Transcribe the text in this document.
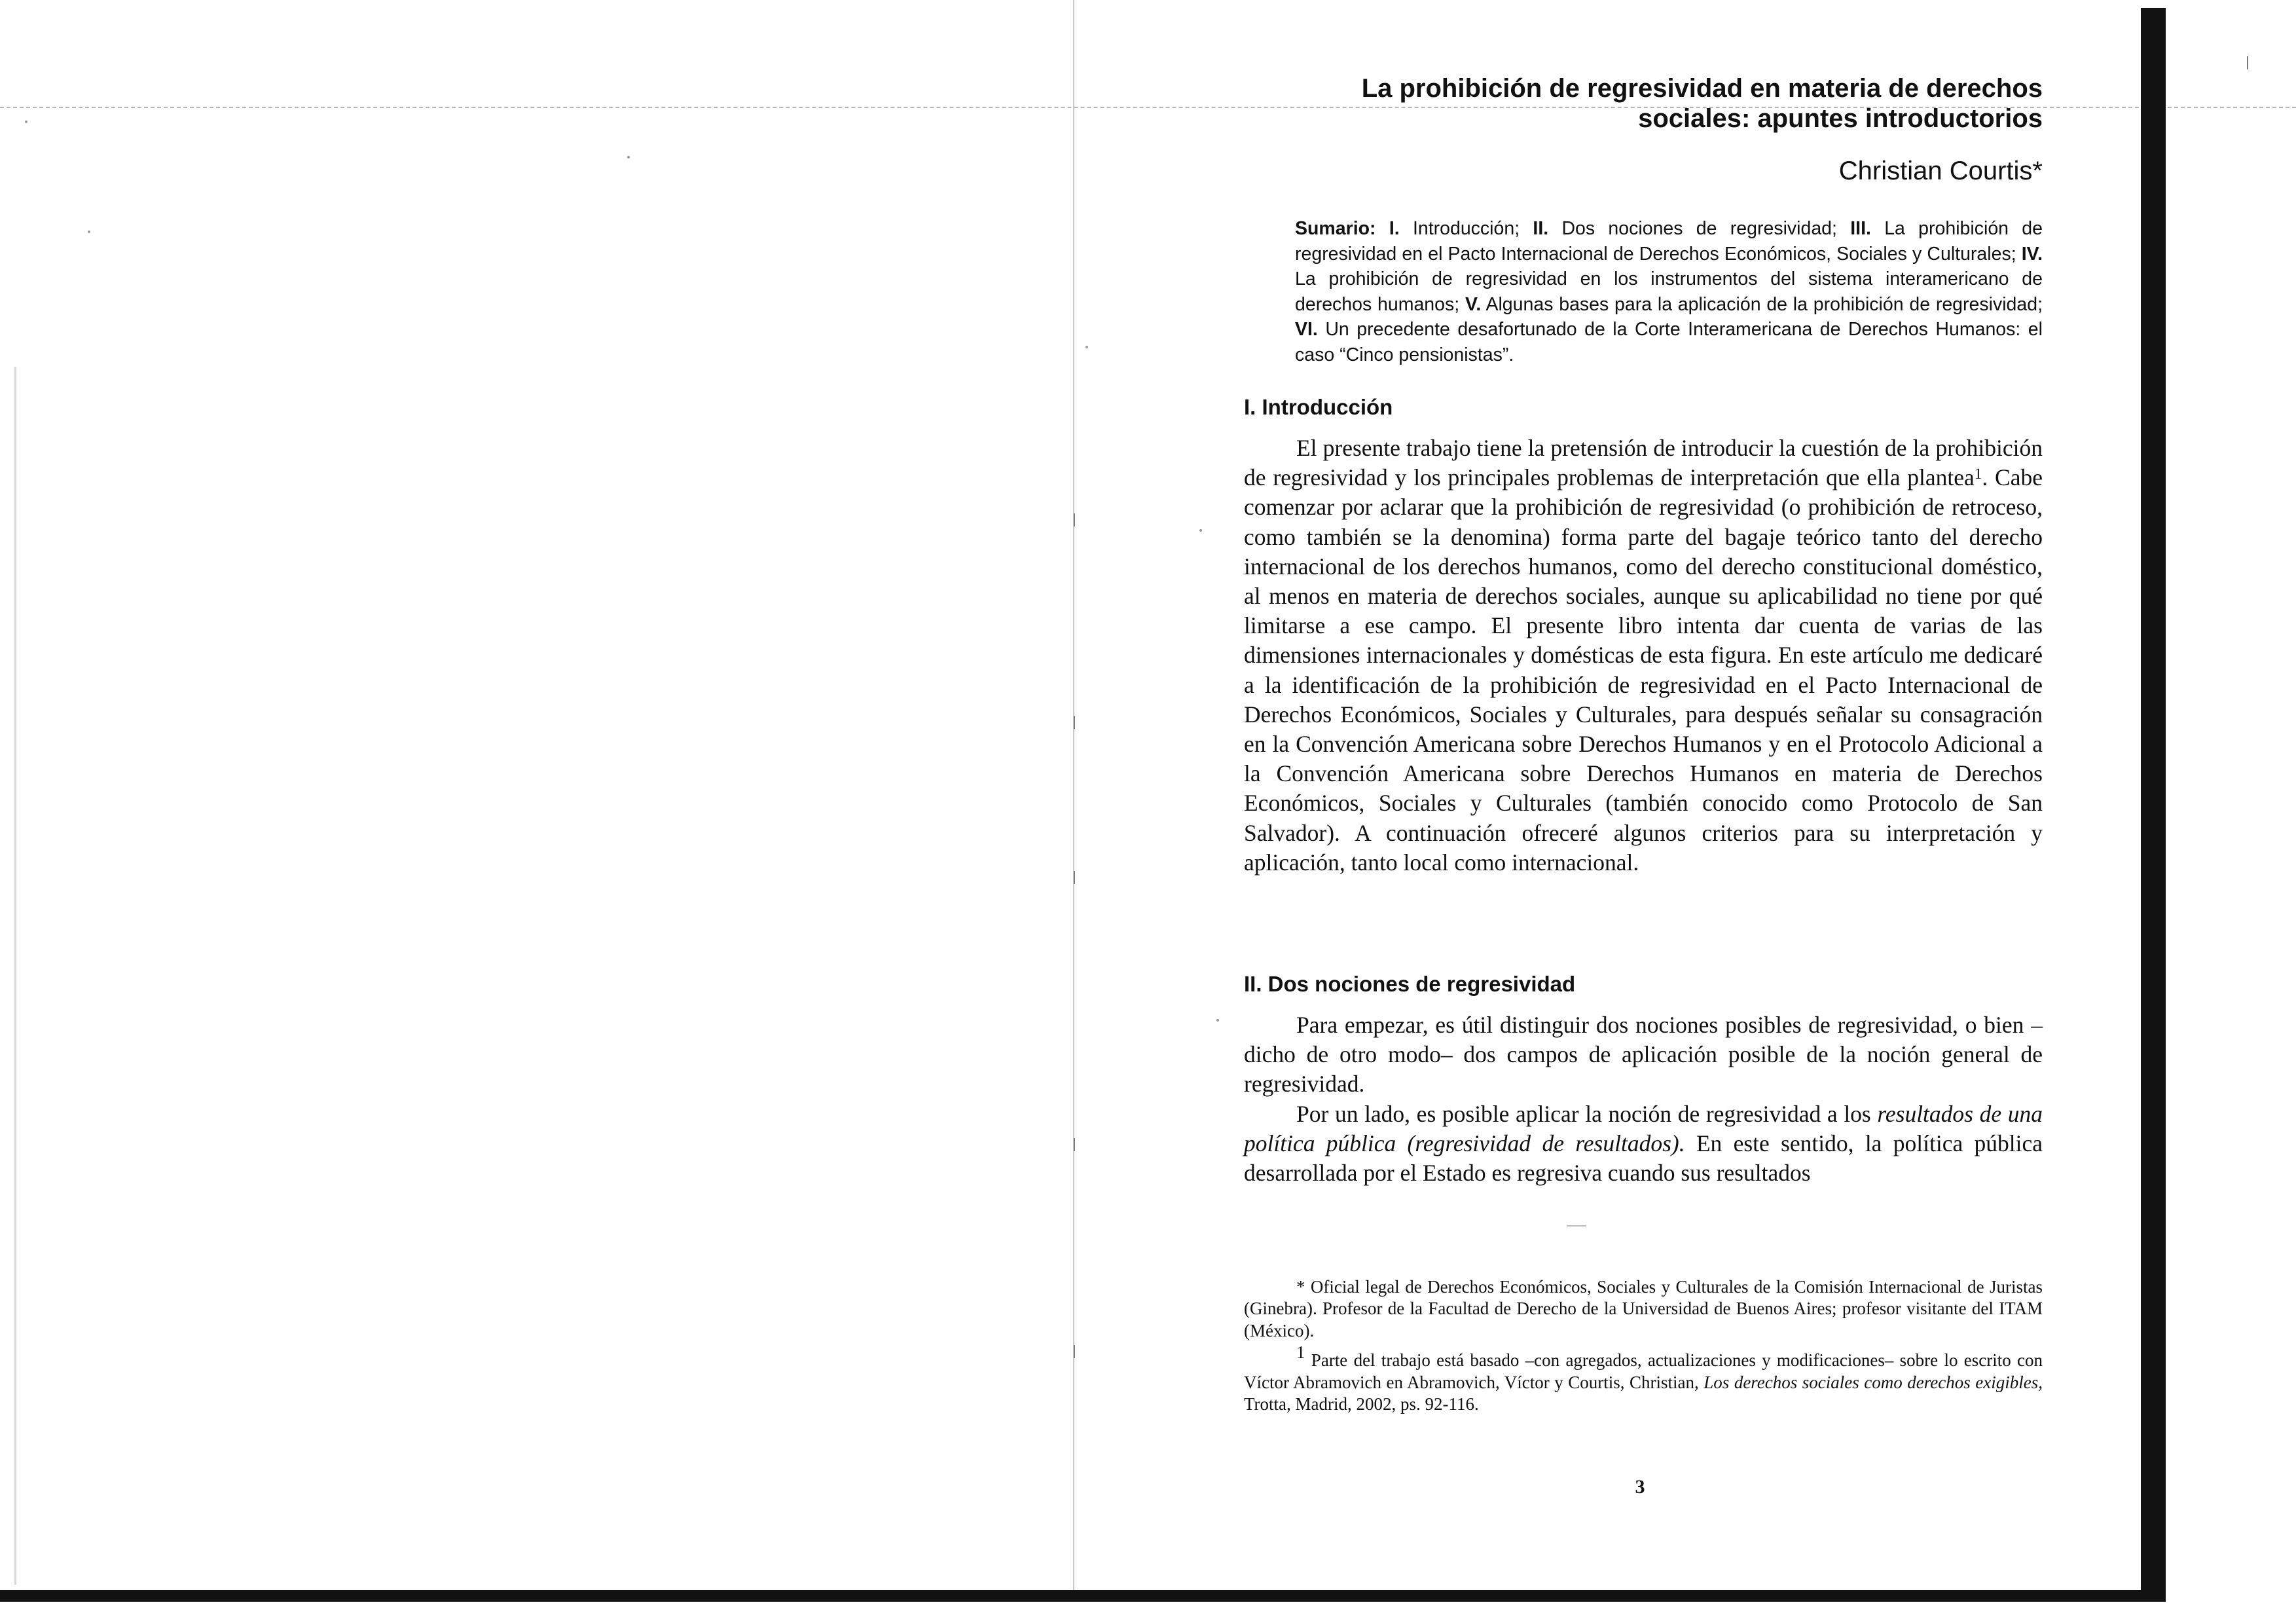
La prohibición de regresividad en materia de derechos
sociales: apuntes introductorios
Christian Courtis*

Sumario: I. Introducción; II. Dos nociones de regresividad; III. La prohibición de regresividad en el Pacto Internacional de Derechos Económicos, Sociales y Culturales; IV. La prohibición de regresividad en los instrumentos del sistema interamericano de derechos humanos; V. Algunas bases para la aplicación de la prohibición de regresividad; VI. Un precedente desafortunado de la Corte Interamericana de Derechos Humanos: el caso “Cinco pensionistas”.

I. Introducción

El presente trabajo tiene la pretensión de introducir la cuestión de la prohibición de regresividad y los principales problemas de interpretación que ella plantea$^1$. Cabe comenzar por aclarar que la prohibición de regresividad (o prohibición de retroceso, como también se la denomina) forma parte del bagaje teórico tanto del derecho internacional de los derechos humanos, como del derecho constitucional doméstico, al menos en materia de derechos sociales, aunque su aplicabilidad no tiene por qué limitarse a ese campo. El presente libro intenta dar cuenta de varias de las dimensiones internacionales y domésticas de esta figura. En este artículo me dedicaré a la identificación de la prohibición de regresividad en el Pacto Internacional de Derechos Económicos, Sociales y Culturales, para después señalar su consagración en la Convención Americana sobre Derechos Humanos y en el Protocolo Adicional a la Convención Americana sobre Derechos Humanos en materia de Derechos Económicos, Sociales y Culturales (también conocido como Protocolo de San Salvador). A continuación ofreceré algunos criterios para su interpretación y aplicación, tanto local como internacional.

II. Dos nociones de regresividad

Para empezar, es útil distinguir dos nociones posibles de regresividad, o bien –dicho de otro modo– dos campos de aplicación posible de la noción general de regresividad.

Por un lado, es posible aplicar la noción de regresividad a los resultados de una política pública (regresividad de resultados). En este sentido, la política pública desarrollada por el Estado es regresiva cuando sus resultados

* Oficial legal de Derechos Económicos, Sociales y Culturales de la Comisión Internacional de Juristas (Ginebra). Profesor de la Facultad de Derecho de la Universidad de Buenos Aires; profesor visitante del ITAM (México).

$^1$ Parte del trabajo está basado –con agregados, actualizaciones y modificaciones– sobre lo escrito con Víctor Abramovich en Abramovich, Víctor y Courtis, Christian, Los derechos sociales como derechos exigibles, Trotta, Madrid, 2002, ps. 92-116.

3
